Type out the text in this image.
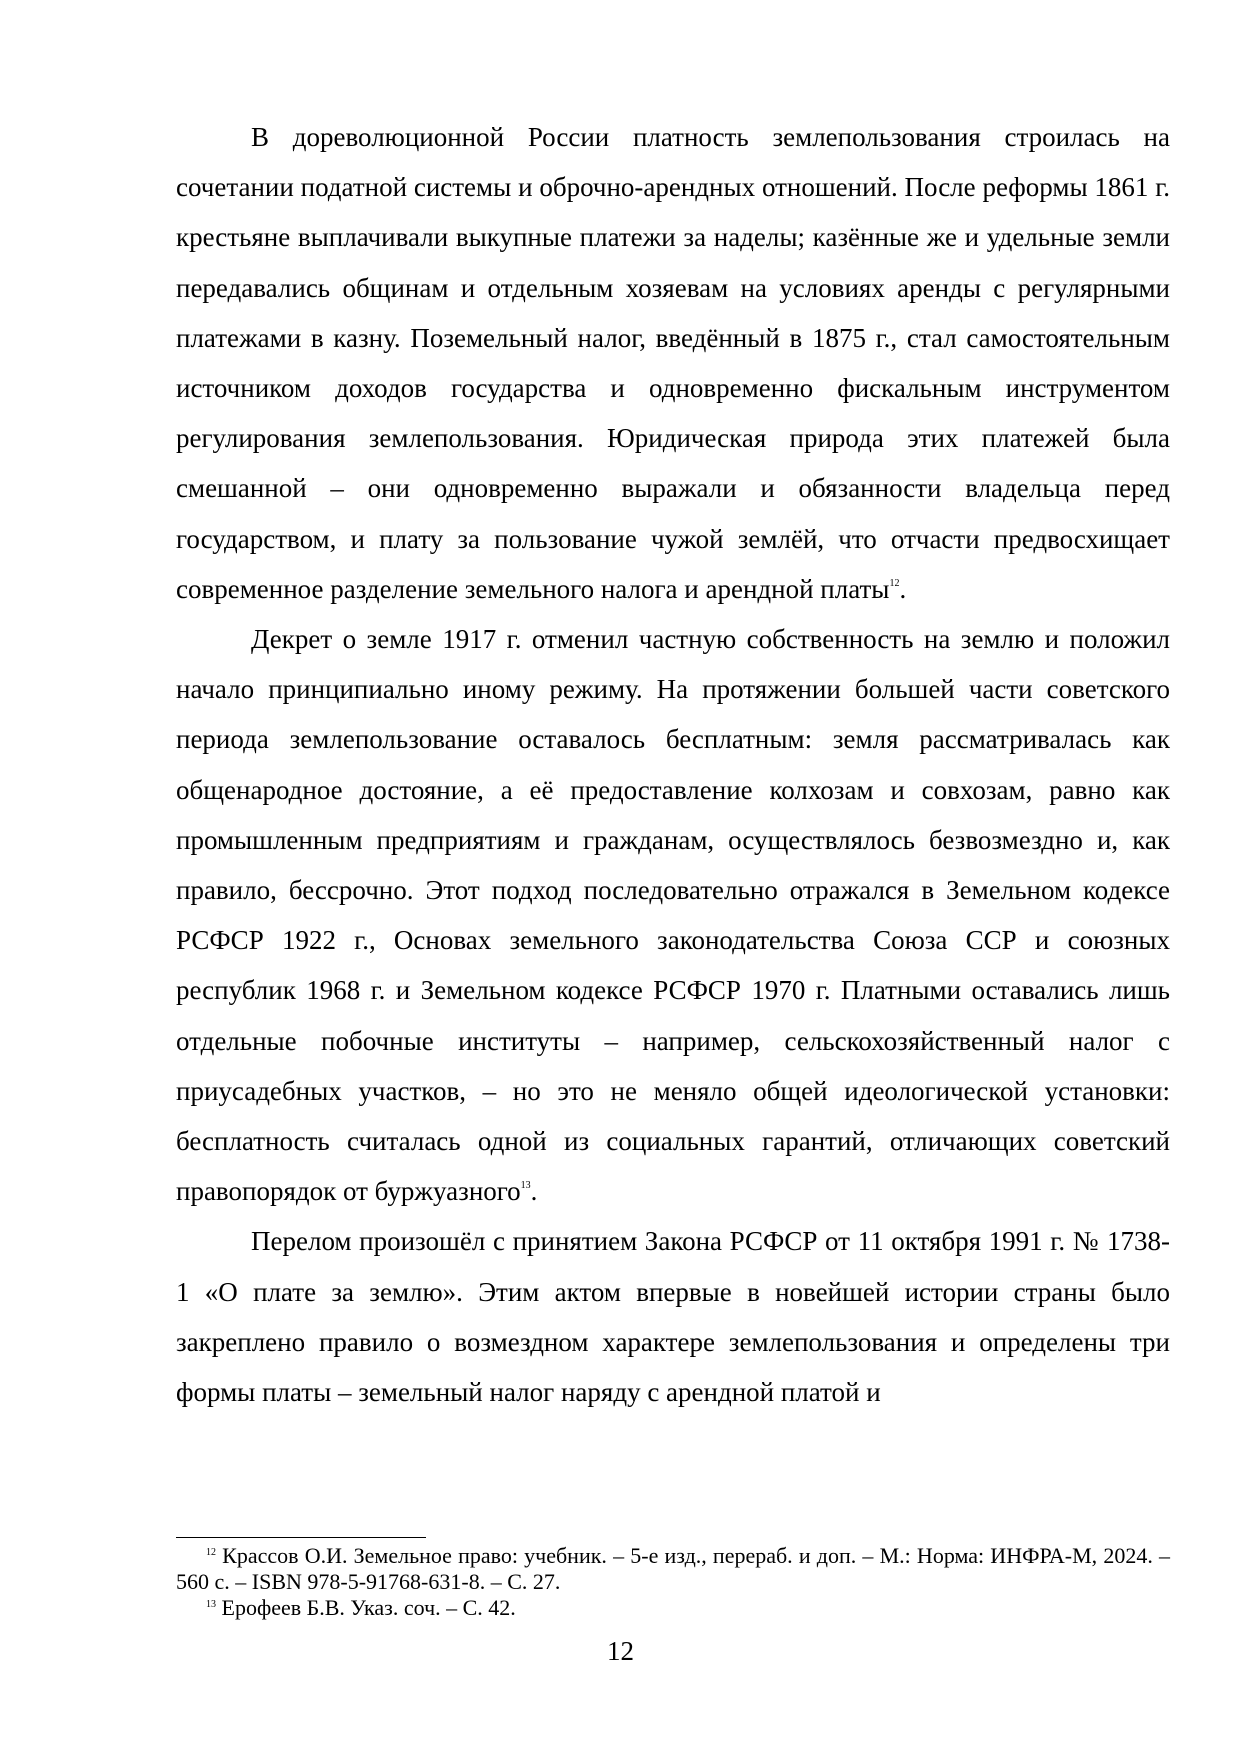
В дореволюционной России платность землепользования строилась на сочетании податной системы и оброчно-арендных отношений. После реформы 1861 г. крестьяне выплачивали выкупные платежи за наделы; казённые же и удельные земли передавались общинам и отдельным хозяевам на условиях аренды с регулярными платежами в казну. Поземельный налог, введённый в 1875 г., стал самостоятельным источником доходов государства и одновременно фискальным инструментом регулирования землепользования. Юридическая природа этих платежей была смешанной – они одновременно выражали и обязанности владельца перед государством, и плату за пользование чужой землёй, что отчасти предвосхищает современное разделение земельного налога и арендной платы$^{12}$.

Декрет о земле 1917 г. отменил частную собственность на землю и положил начало принципиально иному режиму. На протяжении большей части советского периода землепользование оставалось бесплатным: земля рассматривалась как общенародное достояние, а её предоставление колхозам и совхозам, равно как промышленным предприятиям и гражданам, осуществлялось безвозмездно и, как правило, бессрочно. Этот подход последовательно отражался в Земельном кодексе РСФСР 1922 г., Основах земельного законодательства Союза ССР и союзных республик 1968 г. и Земельном кодексе РСФСР 1970 г. Платными оставались лишь отдельные побочные институты – например, сельскохозяйственный налог с приусадебных участков, – но это не меняло общей идеологической установки: бесплатность считалась одной из социальных гарантий, отличающих советский правопорядок от буржуазного$^{13}$.

Перелом произошёл с принятием Закона РСФСР от 11 октября 1991 г. № 1738-1 «О плате за землю». Этим актом впервые в новейшей истории страны было закреплено правило о возмездном характере землепользования и определены три формы платы – земельный налог наряду с арендной платой и

$^{12}$ Крассов О.И. Земельное право: учебник. – 5-е изд., перераб. и доп. – М.: Норма: ИНФРА-М, 2024. – 560 с. – ISBN 978-5-91768-631-8. – С. 27.

$^{13}$ Ерофеев Б.В. Указ. соч. – С. 42.

12
